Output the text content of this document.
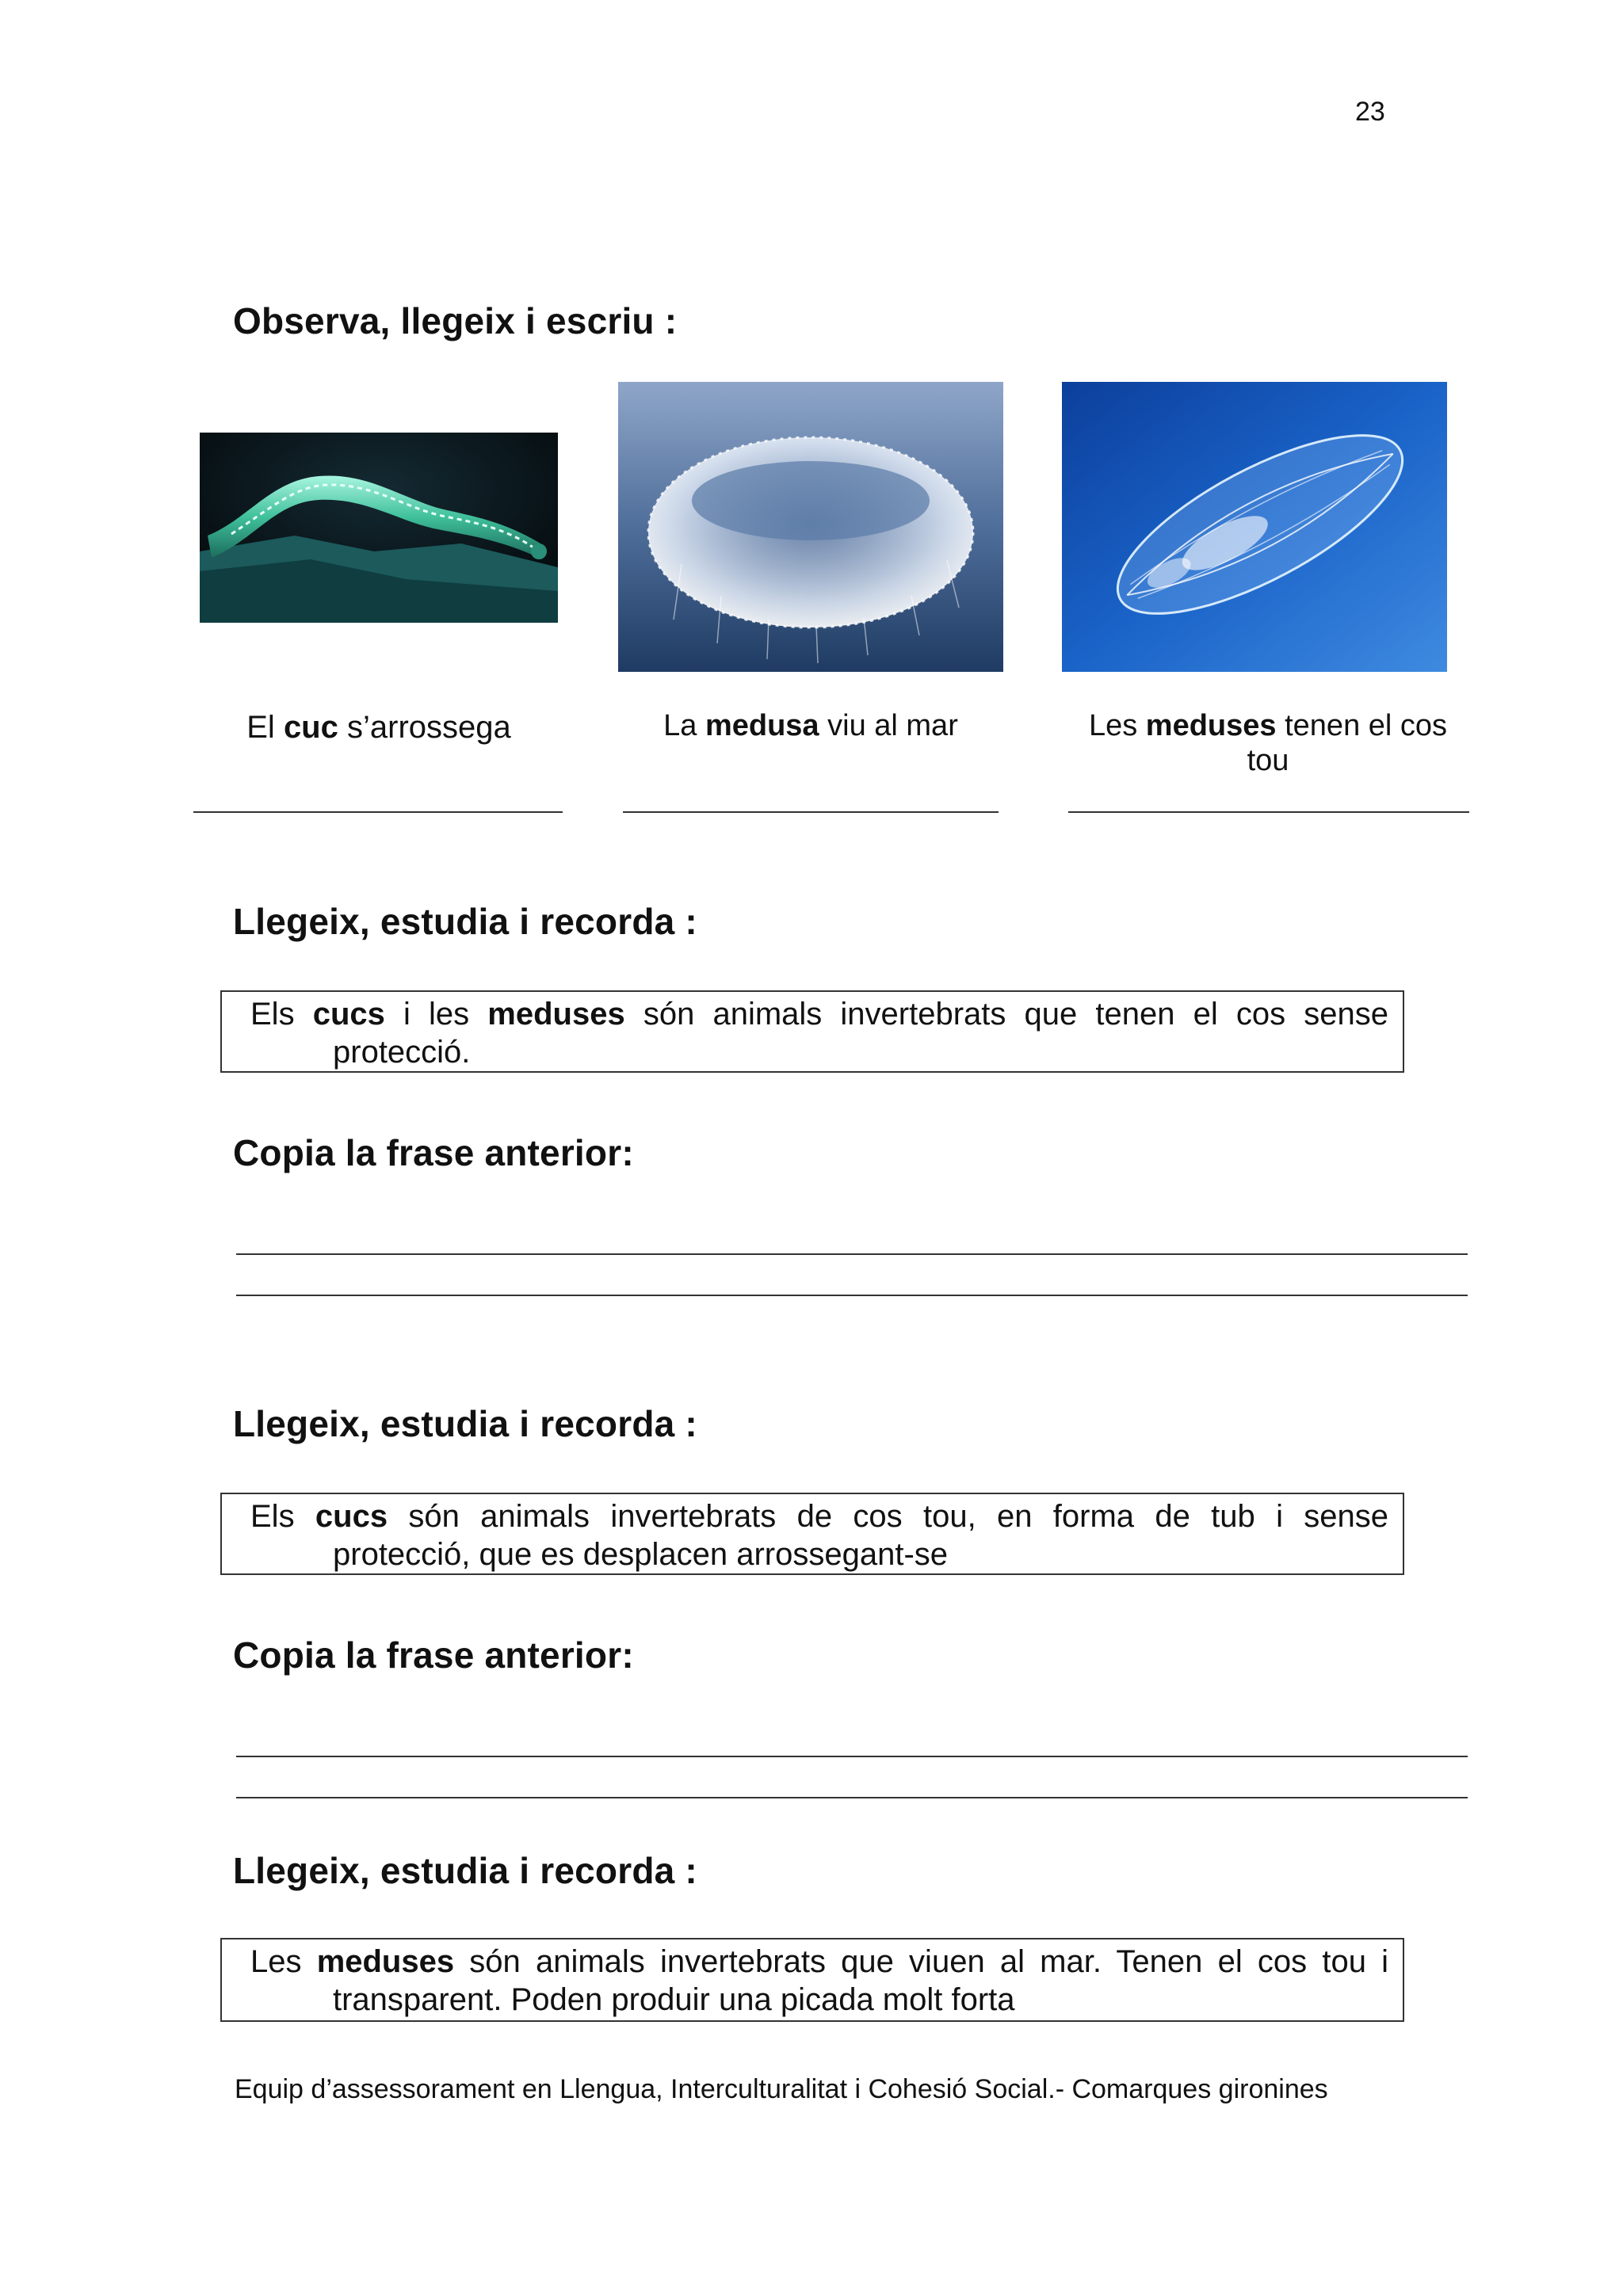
23
Observa, llegeix i escriu :
El cuc s’arrossega	La medusa viu al mar	Les meduses tenen el cos
tou
Llegeix, estudia i recorda :
Els cucs i les meduses són animals invertebrats que tenen el cos sense
protecció.
Copia la frase anterior:
Llegeix, estudia i recorda :
Els cucs són animals invertebrats de cos tou, en forma de tub i sense
protecció, que es desplacen arrossegant-se
Copia la frase anterior:
Llegeix, estudia i recorda :
Les meduses són animals invertebrats que viuen al mar. Tenen el cos tou i
transparent. Poden produir una picada molt forta
Equip d’assessorament en Llengua, Interculturalitat i Cohesió Social.- Comarques gironines
